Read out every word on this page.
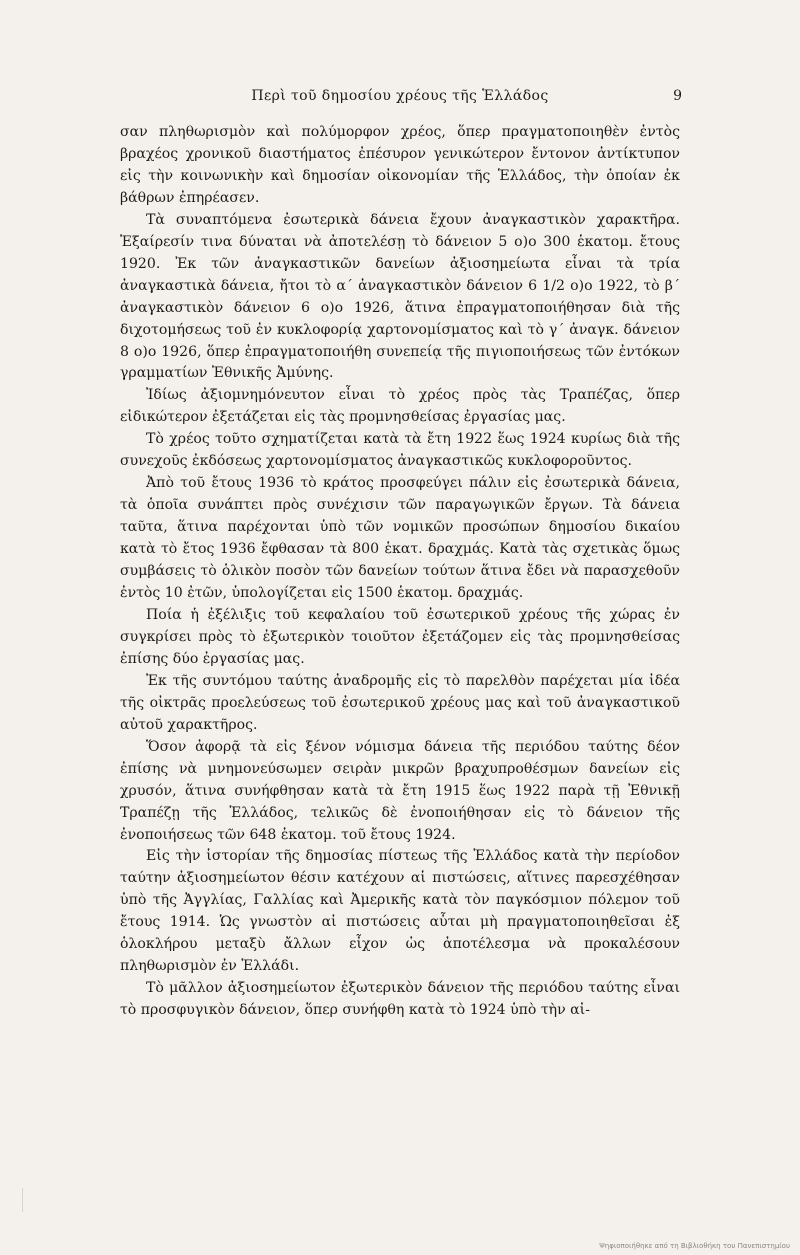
Περὶ τοῦ δημοσίου χρέους τῆς Ἑλλάδος	9

σαν πληθωρισμὸν καὶ πολύμορφον χρέος, ὅπερ πραγματοποιηθὲν ἐντὸς βραχέος χρονικοῦ διαστήματος ἐπέσυρον γενικώτερον ἔντονον ἀντίκτυπον εἰς τὴν κοινωνικὴν καὶ δημοσίαν οἰκονομίαν τῆς Ἑλλάδος, τὴν ὁποίαν ἐκ βάθρων ἐπηρέασεν.

Τὰ συναπτόμενα ἐσωτερικὰ δάνεια ἔχουν ἀναγκαστικὸν χαρακτῆρα. Ἐξαίρεσίν τινα δύναται νὰ ἀποτελέσῃ τὸ δάνειον 5 ο)ο 300 ἑκατομ. ἔτους 1920. Ἐκ τῶν ἀναγκαστικῶν δανείων ἀξιοσημείωτα εἶναι τὰ τρία ἀναγκαστικὰ δάνεια, ἤτοι τὸ α΄ ἀναγκαστικὸν δάνειον 6 1/2 ο)ο 1922, τὸ β΄ ἀναγκαστικὸν δάνειον 6 ο)ο 1926, ἅτινα ἐπραγματοποιήθησαν διὰ τῆς διχοτομήσεως τοῦ ἐν κυκλοφορίᾳ χαρτονομίσματος καὶ τὸ γ΄ ἀναγκ. δάνειον 8 ο)ο 1926, ὅπερ ἐπραγματοποιήθη συνεπείᾳ τῆς πιγιοποιήσεως τῶν ἐντόκων γραμματίων Ἐθνικῆς Ἀμύνης.

Ἰδίως ἀξιομνημόνευτον εἶναι τὸ χρέος πρὸς τὰς Τραπέζας, ὅπερ εἰδικώτερον ἐξετάζεται εἰς τὰς προμνησθείσας ἐργασίας μας.

Τὸ χρέος τοῦτο σχηματίζεται κατὰ τὰ ἔτη 1922 ἕως 1924 κυρίως διὰ τῆς συνεχοῦς ἐκδόσεως χαρτονομίσματος ἀναγκαστικῶς κυκλοφοροῦντος.

Ἀπὸ τοῦ ἔτους 1936 τὸ κράτος προσφεύγει πάλιν εἰς ἐσωτερικὰ δάνεια, τὰ ὁποῖα συνάπτει πρὸς συνέχισιν τῶν παραγωγικῶν ἔργων. Τὰ δάνεια ταῦτα, ἅτινα παρέχονται ὑπὸ τῶν νομικῶν προσώπων δημοσίου δικαίου κατὰ τὸ ἔτος 1936 ἔφθασαν τὰ 800 ἑκατ. δραχμάς. Κατὰ τὰς σχετικὰς ὅμως συμβάσεις τὸ ὁλικὸν ποσὸν τῶν δανείων τούτων ἅτινα ἔδει νὰ παρασχεθοῦν ἐντὸς 10 ἐτῶν, ὑπολογίζεται εἰς 1500 ἑκατομ. δραχμάς.

Ποία ἡ ἐξέλιξις τοῦ κεφαλαίου τοῦ ἐσωτερικοῦ χρέους τῆς χώρας ἐν συγκρίσει πρὸς τὸ ἐξωτερικὸν τοιοῦτον ἐξετάζομεν εἰς τὰς προμνησθείσας ἐπίσης δύο ἐργασίας μας.

Ἐκ τῆς συντόμου ταύτης ἀναδρομῆς εἰς τὸ παρελθὸν παρέχεται μία ἰδέα τῆς οἰκτρᾶς προελεύσεως τοῦ ἐσωτερικοῦ χρέους μας καὶ τοῦ ἀναγκαστικοῦ αὐτοῦ χαρακτῆρος.

Ὅσον ἀφορᾷ τὰ εἰς ξένον νόμισμα δάνεια τῆς περιόδου ταύτης δέον ἐπίσης νὰ μνημονεύσωμεν σειρὰν μικρῶν βραχυπροθέσμων δανείων εἰς χρυσόν, ἅτινα συνήφθησαν κατὰ τὰ ἔτη 1915 ἕως 1922 παρὰ τῇ Ἐθνικῇ Τραπέζῃ τῆς Ἑλλάδος, τελικῶς δὲ ἐνοποιήθησαν εἰς τὸ δάνειον τῆς ἐνοποιήσεως τῶν 648 ἑκατομ. τοῦ ἔτους 1924.

Εἰς τὴν ἱστορίαν τῆς δημοσίας πίστεως τῆς Ἑλλάδος κατὰ τὴν περίοδον ταύτην ἀξιοσημείωτον θέσιν κατέχουν αἱ πιστώσεις, αἵτινες παρεσχέθησαν ὑπὸ τῆς Ἀγγλίας, Γαλλίας καὶ Ἀμερικῆς κατὰ τὸν παγκόσμιον πόλεμον τοῦ ἔτους 1914. Ὡς γνωστὸν αἱ πιστώσεις αὗται μὴ πραγματοποιηθεῖσαι ἐξ ὁλοκλήρου μεταξὺ ἄλλων εἶχον ὡς ἀποτέλεσμα νὰ προκαλέσουν πληθωρισμὸν ἐν Ἑλλάδι.

Τὸ μᾶλλον ἀξιοσημείωτον ἐξωτερικὸν δάνειον τῆς περιόδου ταύτης εἶναι τὸ προσφυγικὸν δάνειον, ὅπερ συνήφθη κατὰ τὸ 1924 ὑπὸ τὴν αἰ-

Ψηφιοποιήθηκε από τη Βιβλιοθήκη του Πανεπιστημίου
